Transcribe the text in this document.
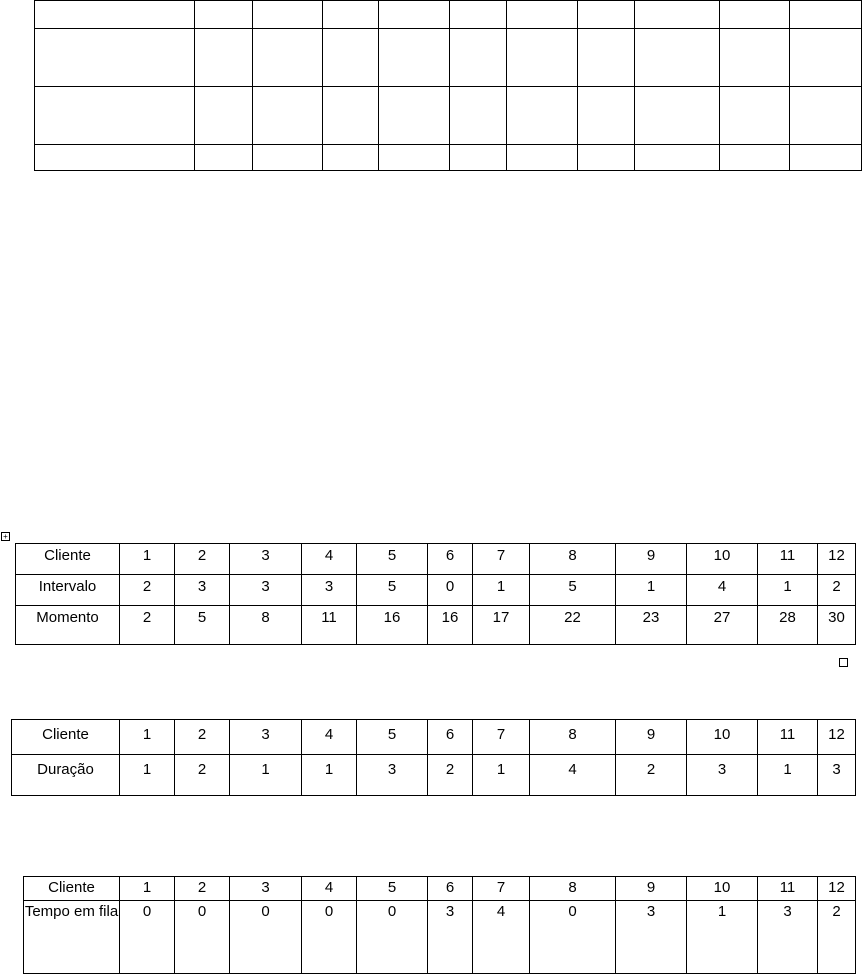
+
Cliente	1	2	3	4	5	6	7	8	9	10	11	12
Intervalo	2	3	3	3	5	0	1	5	1	4	1	2
Momento	2	5	8	11	16	16	17	22	23	27	28	30
Cliente	1	2	3	4	5	6	7	8	9	10	11	12
Duração	1	2	1	1	3	2	1	4	2	3	1	3
Cliente	1	2	3	4	5	6	7	8	9	10	11	12
Tempo em fila	0	0	0	0	0	3	4	0	3	1	3	2
